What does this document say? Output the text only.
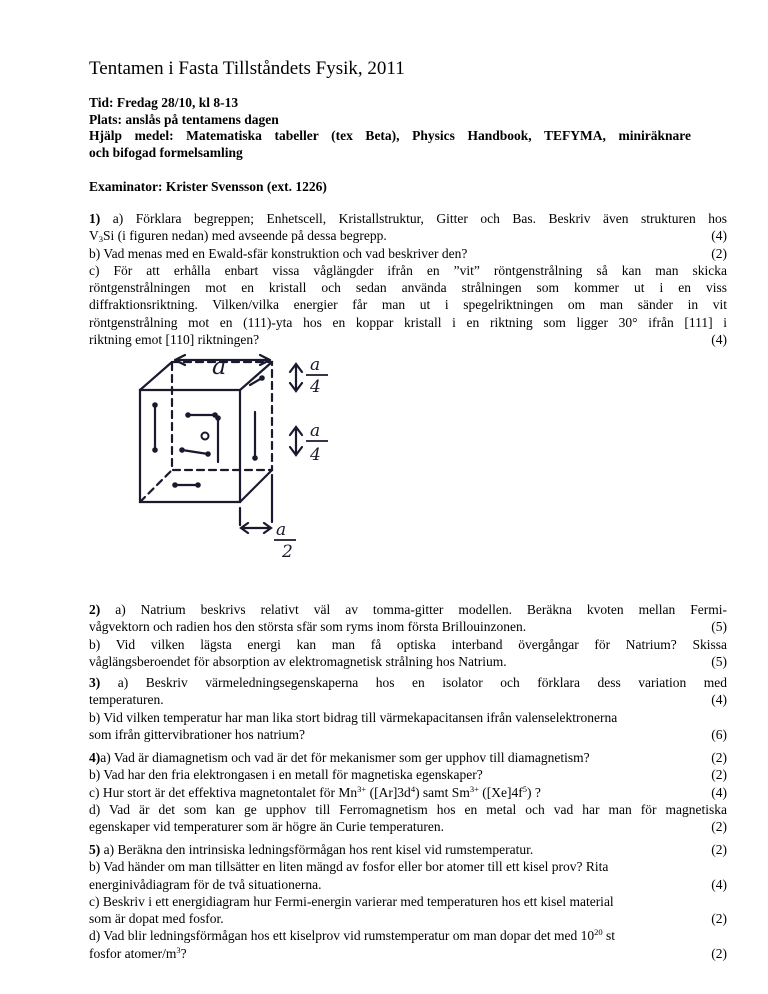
Tentamen i Fasta Tillståndets Fysik, 2011
Tid: Fredag 28/10, kl 8-13
Plats: anslås på tentamens dagen
Hjälp medel: Matematiska tabeller (tex Beta), Physics Handbook, TEFYMA, miniräknare
och bifogad formelsamling
Examinator: Krister Svensson (ext. 1226)
1) a) Förklara begreppen; Enhetscell, Kristallstruktur, Gitter och Bas. Beskriv även strukturen hos
$V_3Si$ (i figuren nedan) med avseende på dessa begrepp.	(4)
b) Vad menas med en Ewald-sfär konstruktion och vad beskriver den?	(2)
c) För att erhålla enbart vissa våglängder ifrån en ”vit” röntgenstrålning så kan man skicka
röntgenstrålningen mot en kristall och sedan använda strålningen som kommer ut i en viss
diffraktionsriktning. Vilken/vilka energier får man ut i spegelriktningen om man sänder in vit
röntgenstrålning mot en (111)-yta hos en koppar kristall i en riktning som ligger 30° ifrån [111] i
riktning emot [110] riktningen?	(4)
a	a
4
a
4
a
2
2) a) Natrium beskrivs relativt väl av tomma-gitter modellen. Beräkna kvoten mellan Fermi-
vågvektorn och radien hos den största sfär som ryms inom första Brillouinzonen.	(5)
b) Vid vilken lägsta energi kan man få optiska interband övergångar för Natrium? Skissa
våglängsberoendet för absorption av elektromagnetisk strålning hos Natrium.	(5)
3) a) Beskriv värmeledningsegenskaperna hos en isolator och förklara dess variation med
temperaturen.	(4)
b) Vid vilken temperatur har man lika stort bidrag till värmekapacitansen ifrån valenselektronerna
som ifrån gittervibrationer hos natrium?	(6)
4)a) Vad är diamagnetism och vad är det för mekanismer som ger upphov till diamagnetism?	(2)
b) Vad har den fria elektrongasen i en metall för magnetiska egenskaper?	(2)
c) Hur stort är det effektiva magnetontalet för $Mn^{3+}$ $([Ar]3d^4)$ samt $Sm^{3+}$ $([Xe]4f^5)$ ?	(4)
d) Vad är det som kan ge upphov till Ferromagnetism hos en metal och vad har man för magnetiska
egenskaper vid temperaturer som är högre än Curie temperaturen.	(2)
5) a) Beräkna den intrinsiska ledningsförmågan hos rent kisel vid rumstemperatur.	(2)
b) Vad händer om man tillsätter en liten mängd av fosfor eller bor atomer till ett kisel prov? Rita
energinivådiagram för de två situationerna.	(4)
c) Beskriv i ett energidiagram hur Fermi-energin varierar med temperaturen hos ett kisel material
som är dopat med fosfor.	(2)
d) Vad blir ledningsförmågan hos ett kiselprov vid rumstemperatur om man dopar det med $10^{20}$ st
fosfor atomer/$m^3$?	(2)
